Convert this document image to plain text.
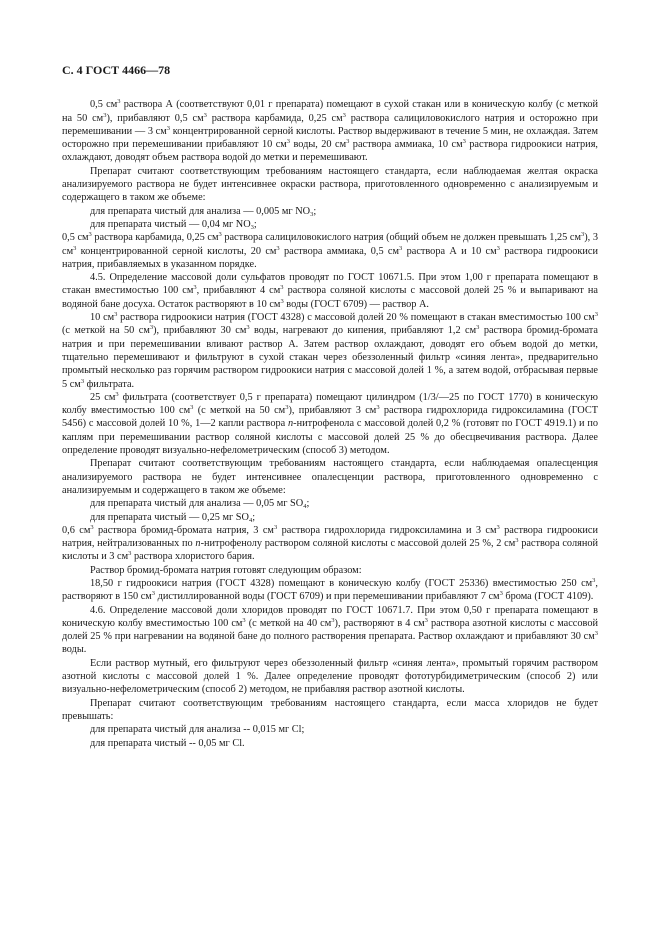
С. 4 ГОСТ 4466—78

0,5 $см^3$ раствора А (соответствуют 0,01 г препарата) помещают в сухой стакан или в коническую колбу (с меткой на 50 $см^3$), прибавляют 0,5 $см^3$ раствора карбамида, 0,25 $см^3$ раствора салициловокислого натрия и осторожно при перемешивании — 3 $см^3$ концентрированной серной кислоты. Раствор выдерживают в течение 5 мин, не охлаждая. Затем осторожно при перемешивании прибавляют 10 $см^3$ воды, 20 $см^3$ раствора аммиака, 10 $см^3$ раствора гидроокиси натрия, охлаждают, доводят объем раствора водой до метки и перемешивают.

Препарат считают соответствующим требованиям настоящего стандарта, если наблюдаемая желтая окраска анализируемого раствора не будет интенсивнее окраски раствора, приготовленного одновременно с анализируемым и содержащего в таком же объеме:

для препарата чистый для анализа — 0,005 мг $NO_3$;

для препарата чистый — 0,04 мг $NO_3$;

0,5 $см^3$ раствора карбамида, 0,25 $см^3$ раствора салициловокислого натрия (общий объем не должен превышать 1,25 $см^3$), 3 $см^3$ концентрированной серной кислоты, 20 $см^3$ раствора аммиака, 0,5 $см^3$ раствора А и 10 $см^3$ раствора гидроокиси натрия, прибавляемых в указанном порядке.

4.5. Определение массовой доли сульфатов проводят по ГОСТ 10671.5. При этом 1,00 г препарата помещают в стакан вместимостью 100 $см^3$, прибавляют 4 $см^3$ раствора соляной кислоты с массовой долей 25 % и выпаривают на водяной бане досуха. Остаток растворяют в 10 $см^3$ воды (ГОСТ 6709) — раствор А.

10 $см^3$ раствора гидроокиси натрия (ГОСТ 4328) с массовой долей 20 % помещают в стакан вместимостью 100 $см^3$ (с меткой на 50 $см^3$), прибавляют 30 $см^3$ воды, нагревают до кипения, прибавляют 1,2 $см^3$ раствора бромид-бромата натрия и при перемешивании вливают раствор А. Затем раствор охлаждают, доводят его объем водой до метки, тщательно перемешивают и фильтруют в сухой стакан через обеззоленный фильтр «синяя лента», предварительно промытый несколько раз горячим раствором гидроокиси натрия с массовой долей 1 %, а затем водой, отбрасывая первые 5 $см^3$ фильтрата.

25 $см^3$ фильтрата (соответствует 0,5 г препарата) помещают цилиндром (1/3/—25 по ГОСТ 1770) в коническую колбу вместимостью 100 $см^3$ (с меткой на 50 $см^3$), прибавляют 3 $см^3$ раствора гидрохлорида гидроксиламина (ГОСТ 5456) с массовой долей 10 %, 1—2 капли раствора п-нитрофенола с массовой долей 0,2 % (готовят по ГОСТ 4919.1) и по каплям при перемешивании раствор соляной кислоты с массовой долей 25 % до обесцвечивания раствора. Далее определение проводят визуально-нефелометрическим (способ 3) методом.

Препарат считают соответствующим требованиям настоящего стандарта, если наблюдаемая опалесценция анализируемого раствора не будет интенсивнее опалесценции раствора, приготовленного одновременно с анализируемым и содержащего в таком же объеме:

для препарата чистый для анализа — 0,05 мг $SO_4$;

для препарата чистый — 0,25 мг $SO_4$;

0,6 $см^3$ раствора бромид-бромата натрия, 3 $см^3$ раствора гидрохлорида гидроксиламина и 3 $см^3$ раствора гидроокиси натрия, нейтрализованных по п-нитрофенолу раствором соляной кислоты с массовой долей 25 %, 2 $см^3$ раствора соляной кислоты и 3 $см^3$ раствора хлористого бария.

Раствор бромид-бромата натрия готовят следующим образом:

18,50 г гидроокиси натрия (ГОСТ 4328) помещают в коническую колбу (ГОСТ 25336) вместимостью 250 $см^3$, растворяют в 150 $см^3$ дистиллированной воды (ГОСТ 6709) и при перемешивании прибавляют 7 $см^3$ брома (ГОСТ 4109).

4.6. Определение массовой доли хлоридов проводят по ГОСТ 10671.7. При этом 0,50 г препарата помещают в коническую колбу вместимостью 100 $см^3$ (с меткой на 40 $см^3$), растворяют в 4 $см^3$ раствора азотной кислоты с массовой долей 25 % при нагревании на водяной бане до полного растворения препарата. Раствор охлаждают и прибавляют 30 $см^3$ воды.

Если раствор мутный, его фильтруют через обеззоленный фильтр «синяя лента», промытый горячим раствором азотной кислоты с массовой долей 1 %. Далее определение проводят фототурбидиметрическим (способ 2) или визуально-нефелометрическим (способ 2) методом, не прибавляя раствор азотной кислоты.

Препарат считают соответствующим требованиям настоящего стандарта, если масса хлоридов не будет превышать:

для препарата чистый для анализа -- 0,015 мг Cl;

для препарата чистый -- 0,05 мг Cl.
